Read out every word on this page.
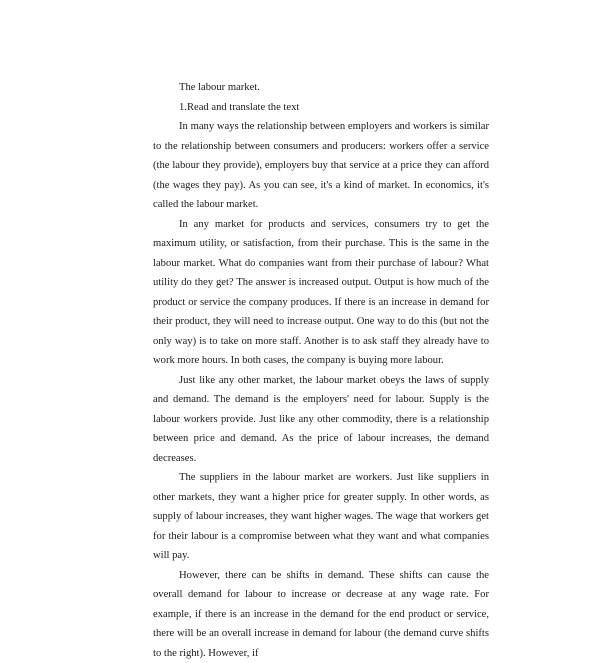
The labour market.

1.Read and translate the text

In many ways the relationship between employers and workers is similar to the relationship between consumers and producers: workers offer a service (the labour they provide), employers buy that service at a price they can afford (the wages they pay). As you can see, it's a kind of market. In economics, it's called the labour market.

In any market for products and services, consumers try to get the maximum utility, or satisfaction, from their purchase. This is the same in the labour market. What do companies want from their purchase of labour? What utility do they get? The answer is increased output. Output is how much of the product or service the company produces. If there is an increase in demand for their product, they will need to increase output. One way to do this (but not the only way) is to take on more staff. Another is to ask staff they already have to work more hours. In both cases, the company is buying more labour.

Just like any other market, the labour market obeys the laws of supply and demand. The demand is the employers' need for labour. Supply is the labour workers provide. Just like any other commodity, there is a relationship between price and demand. As the price of labour increases, the demand decreases.

The suppliers in the labour market are workers. Just like suppliers in other markets, they want a higher price for greater supply. In other words, as supply of labour increases, they want higher wages. The wage that workers get for their labour is a compromise between what they want and what companies will pay.

However, there can be shifts in demand. These shifts can cause the overall demand for labour to increase or decrease at any wage rate. For example, if there is an increase in the demand for the end product or service, there will be an overall increase in demand for labour (the demand curve shifts to the right). However, if
